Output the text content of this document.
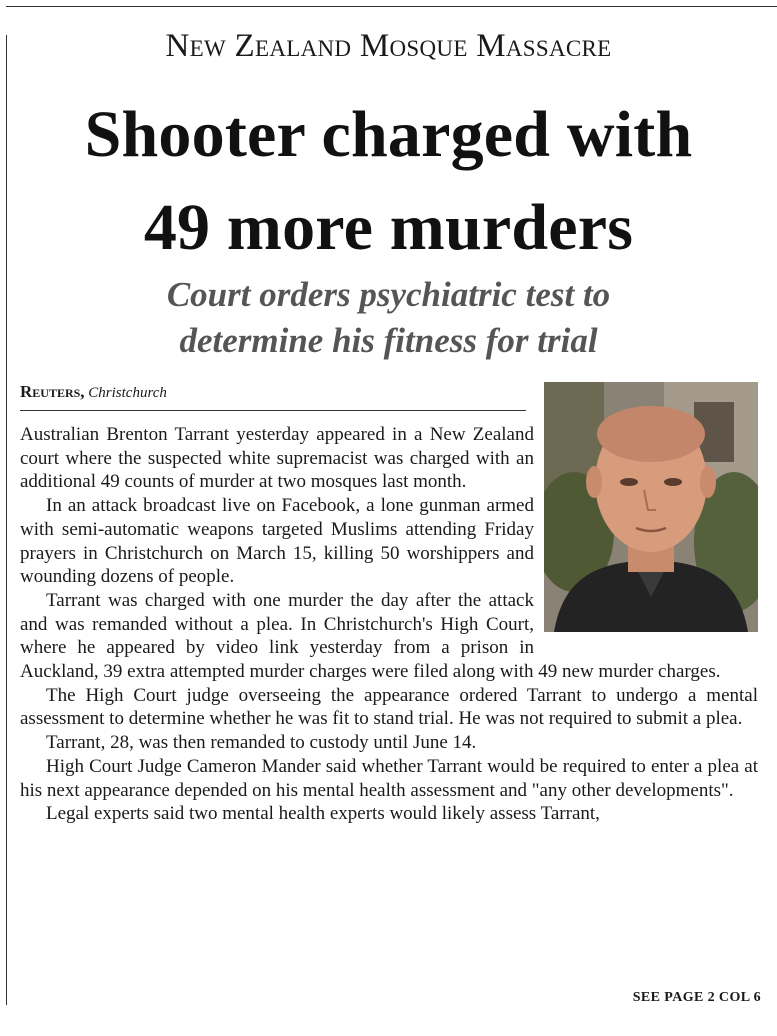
New Zealand Mosque Massacre
Shooter charged with
49 more murders
Court orders psychiatric test to
determine his fitness for trial
Reuters, Christchurch

Australian Brenton Tarrant yesterday appeared in a New Zealand court where the suspected white supremacist was charged with an additional 49 counts of murder at two mosques last month.

In an attack broadcast live on Facebook, a lone gunman armed with semi-automatic weapons targeted Muslims attending Friday prayers in Christchurch on March 15, killing 50 worshippers and wounding dozens of people.

Tarrant was charged with one murder the day after the attack and was remanded without a plea. In Christchurch's High Court, where he appeared by video link yesterday from a prison in Auckland, 39 extra attempted murder charges were filed along with 49 new murder charges.

The High Court judge overseeing the appearance ordered Tarrant to undergo a mental assessment to determine whether he was fit to stand trial. He was not required to submit a plea.

Tarrant, 28, was then remanded to custody until June 14.

High Court Judge Cameron Mander said whether Tarrant would be required to enter a plea at his next appearance depended on his mental health assessment and "any other developments".

Legal experts said two mental health experts would likely assess Tarrant,

SEE PAGE 2 COL 6
